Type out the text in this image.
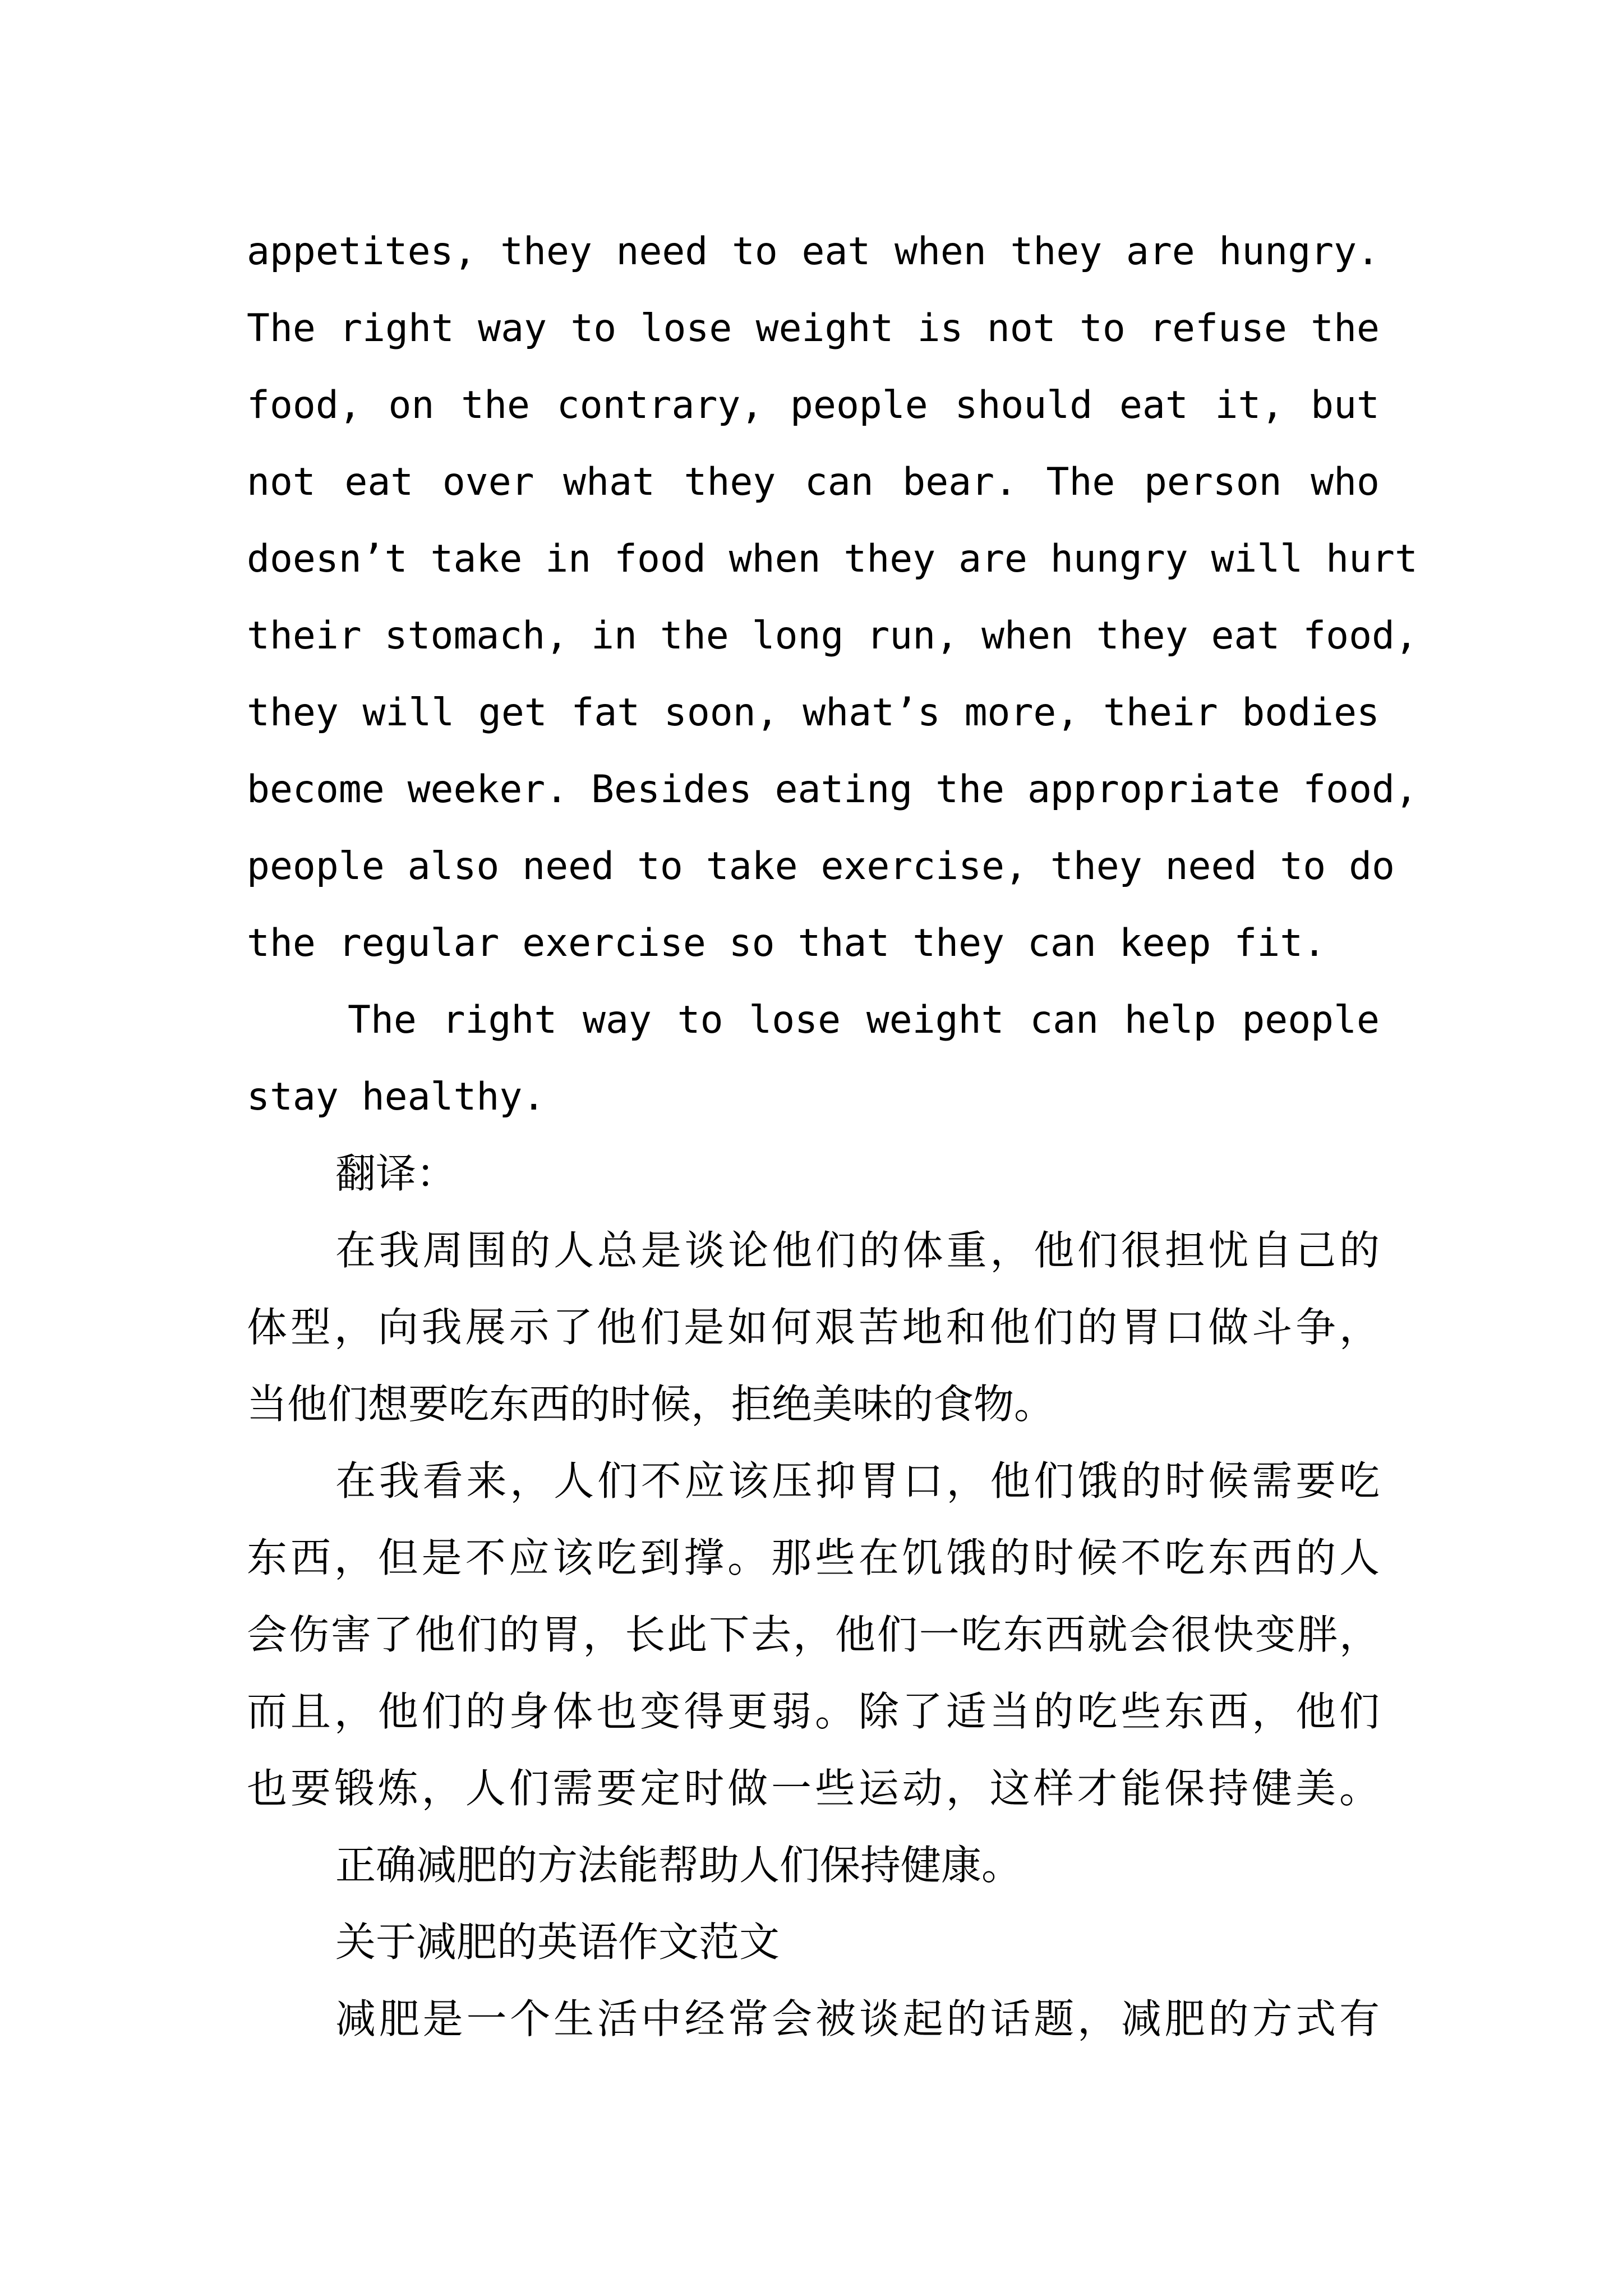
appetites, they need to eat when they are hungry.
The right way to lose weight is not to refuse the
food, on the contrary, people should eat it, but
not eat over what they can bear. The person who
doesn’t take in food when they are hungry will hurt
their stomach, in the long run, when they eat food,
they will get fat soon, what’s more, their bodies
become weeker. Besides eating the appropriate food,
people also need to take exercise, they need to do
the regular exercise so that they can keep fit.
The right way to lose weight can help people
stay healthy.
翻译：
在我周围的人总是谈论他们的体重，他们很担忧自己的
体型，向我展示了他们是如何艰苦地和他们的胃口做斗争，
当他们想要吃东西的时候，拒绝美味的食物。
在我看来，人们不应该压抑胃口，他们饿的时候需要吃
东西，但是不应该吃到撑。那些在饥饿的时候不吃东西的人
会伤害了他们的胃，长此下去，他们一吃东西就会很快变胖，
而且，他们的身体也变得更弱。除了适当的吃些东西，他们
也要锻炼，人们需要定时做一些运动，这样才能保持健美。
正确减肥的方法能帮助人们保持健康。
关于减肥的英语作文范文
减肥是一个生活中经常会被谈起的话题，减肥的方式有
